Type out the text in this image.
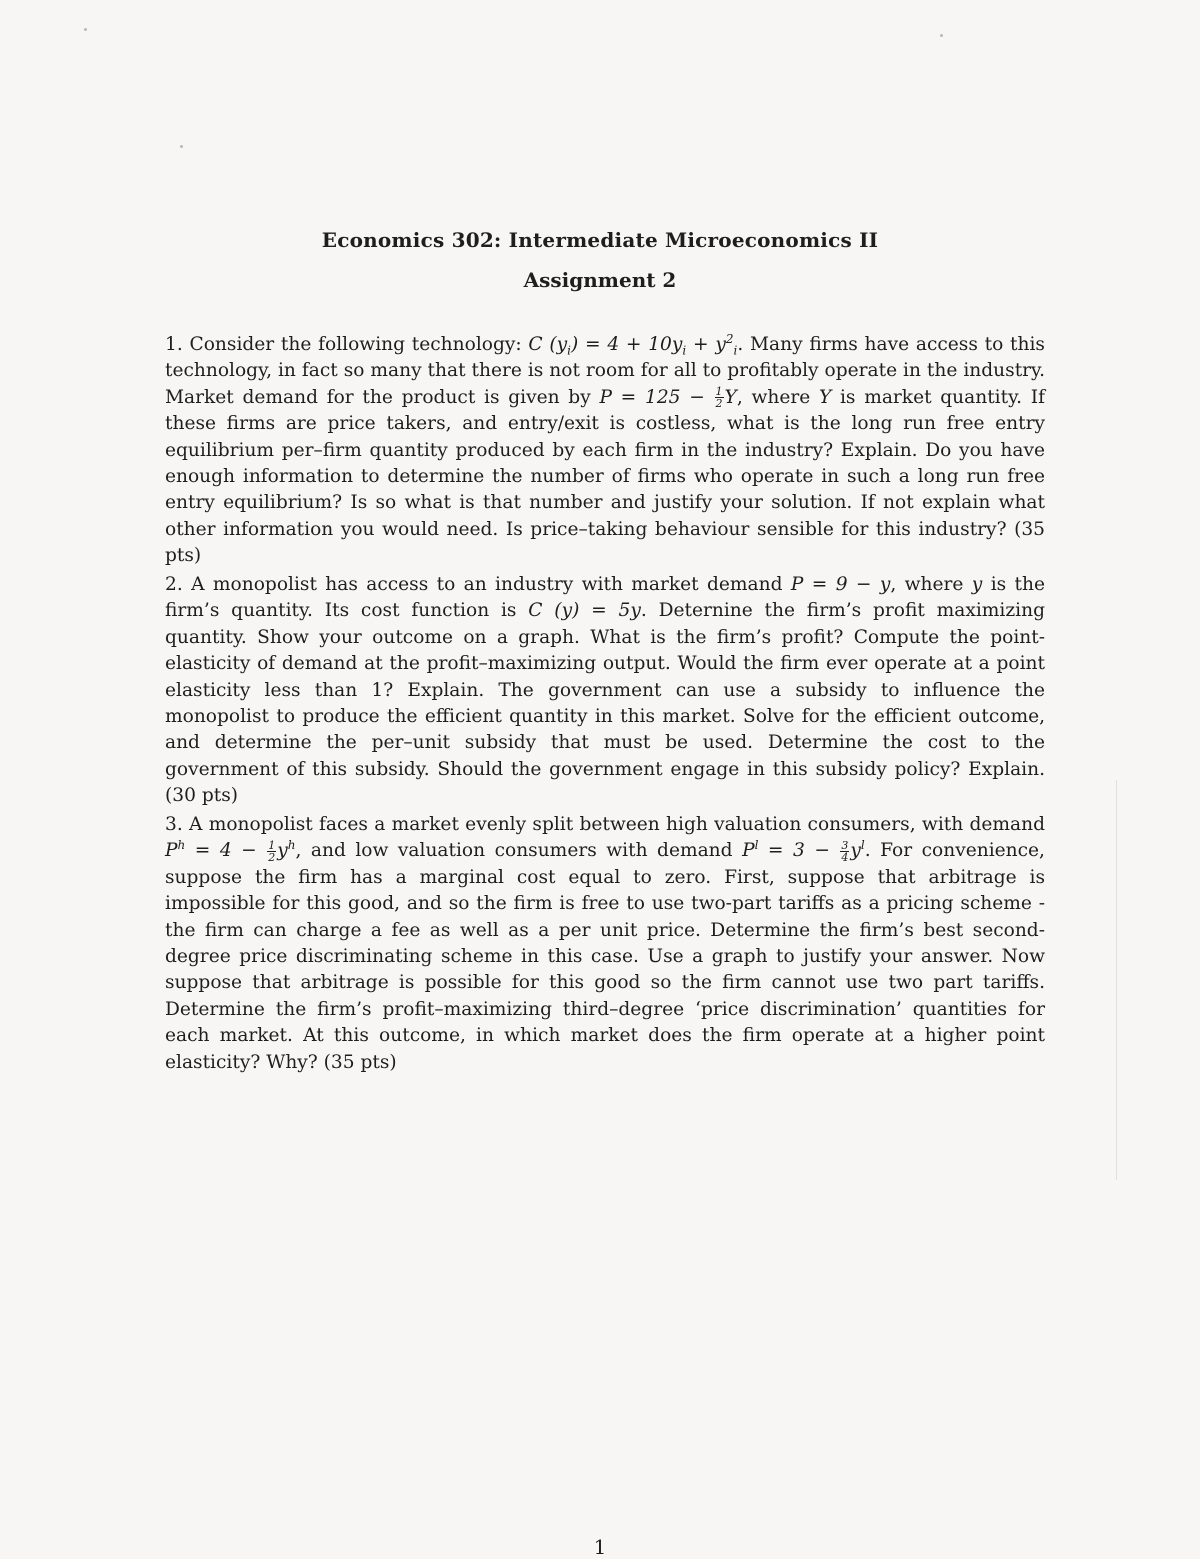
Economics 302: Intermediate Microeconomics II
Assignment 2

1. Consider the following technology: C $(y_i) = 4 + 10y_i + y^2_i$. Many firms have access to this technology, in fact so many that there is not room for all to profitably operate in the industry. Market demand for the product is given by $P = 125 - \frac{1}{2} Y$, where Y is market quantity. If these firms are price takers, and entry/exit is costless, what is the long run free entry equilibrium per–firm quantity produced by each firm in the industry? Explain. Do you have enough information to determine the number of firms who operate in such a long run free entry equilibrium? Is so what is that number and justify your solution. If not explain what other information you would need. Is price–taking behaviour sensible for this industry? (35 pts)

2. A monopolist has access to an industry with market demand P = 9 − y, where y is the firm’s quantity. Its cost function is C (y) = 5y. Deternine the firm’s profit maximizing quantity. Show your outcome on a graph. What is the firm’s profit? Compute the point-elasticity of demand at the profit–maximizing output. Would the firm ever operate at a point elasticity less than 1? Explain. The government can use a subsidy to influence the monopolist to produce the efficient quantity in this market. Solve for the efficient outcome, and determine the per–unit subsidy that must be used. Determine the cost to the government of this subsidy. Should the government engage in this subsidy policy? Explain. (30 pts)

3. A monopolist faces a market evenly split between high valuation consumers, with demand $P^h = 4 - \frac{1}{2} y^h$, and low valuation consumers with demand $P^l = 3 - \frac{3}{4} y^l$. For convenience, suppose the firm has a marginal cost equal to zero. First, suppose that arbitrage is impossible for this good, and so the firm is free to use two-part tariffs as a pricing scheme - the firm can charge a fee as well as a per unit price. Determine the firm’s best second-degree price discriminating scheme in this case. Use a graph to justify your answer. Now suppose that arbitrage is possible for this good so the firm cannot use two part tariffs. Determine the firm’s profit–maximizing third–degree ‘price discrimination’ quantities for each market. At this outcome, in which market does the firm operate at a higher point elasticity? Why? (35 pts)

1
